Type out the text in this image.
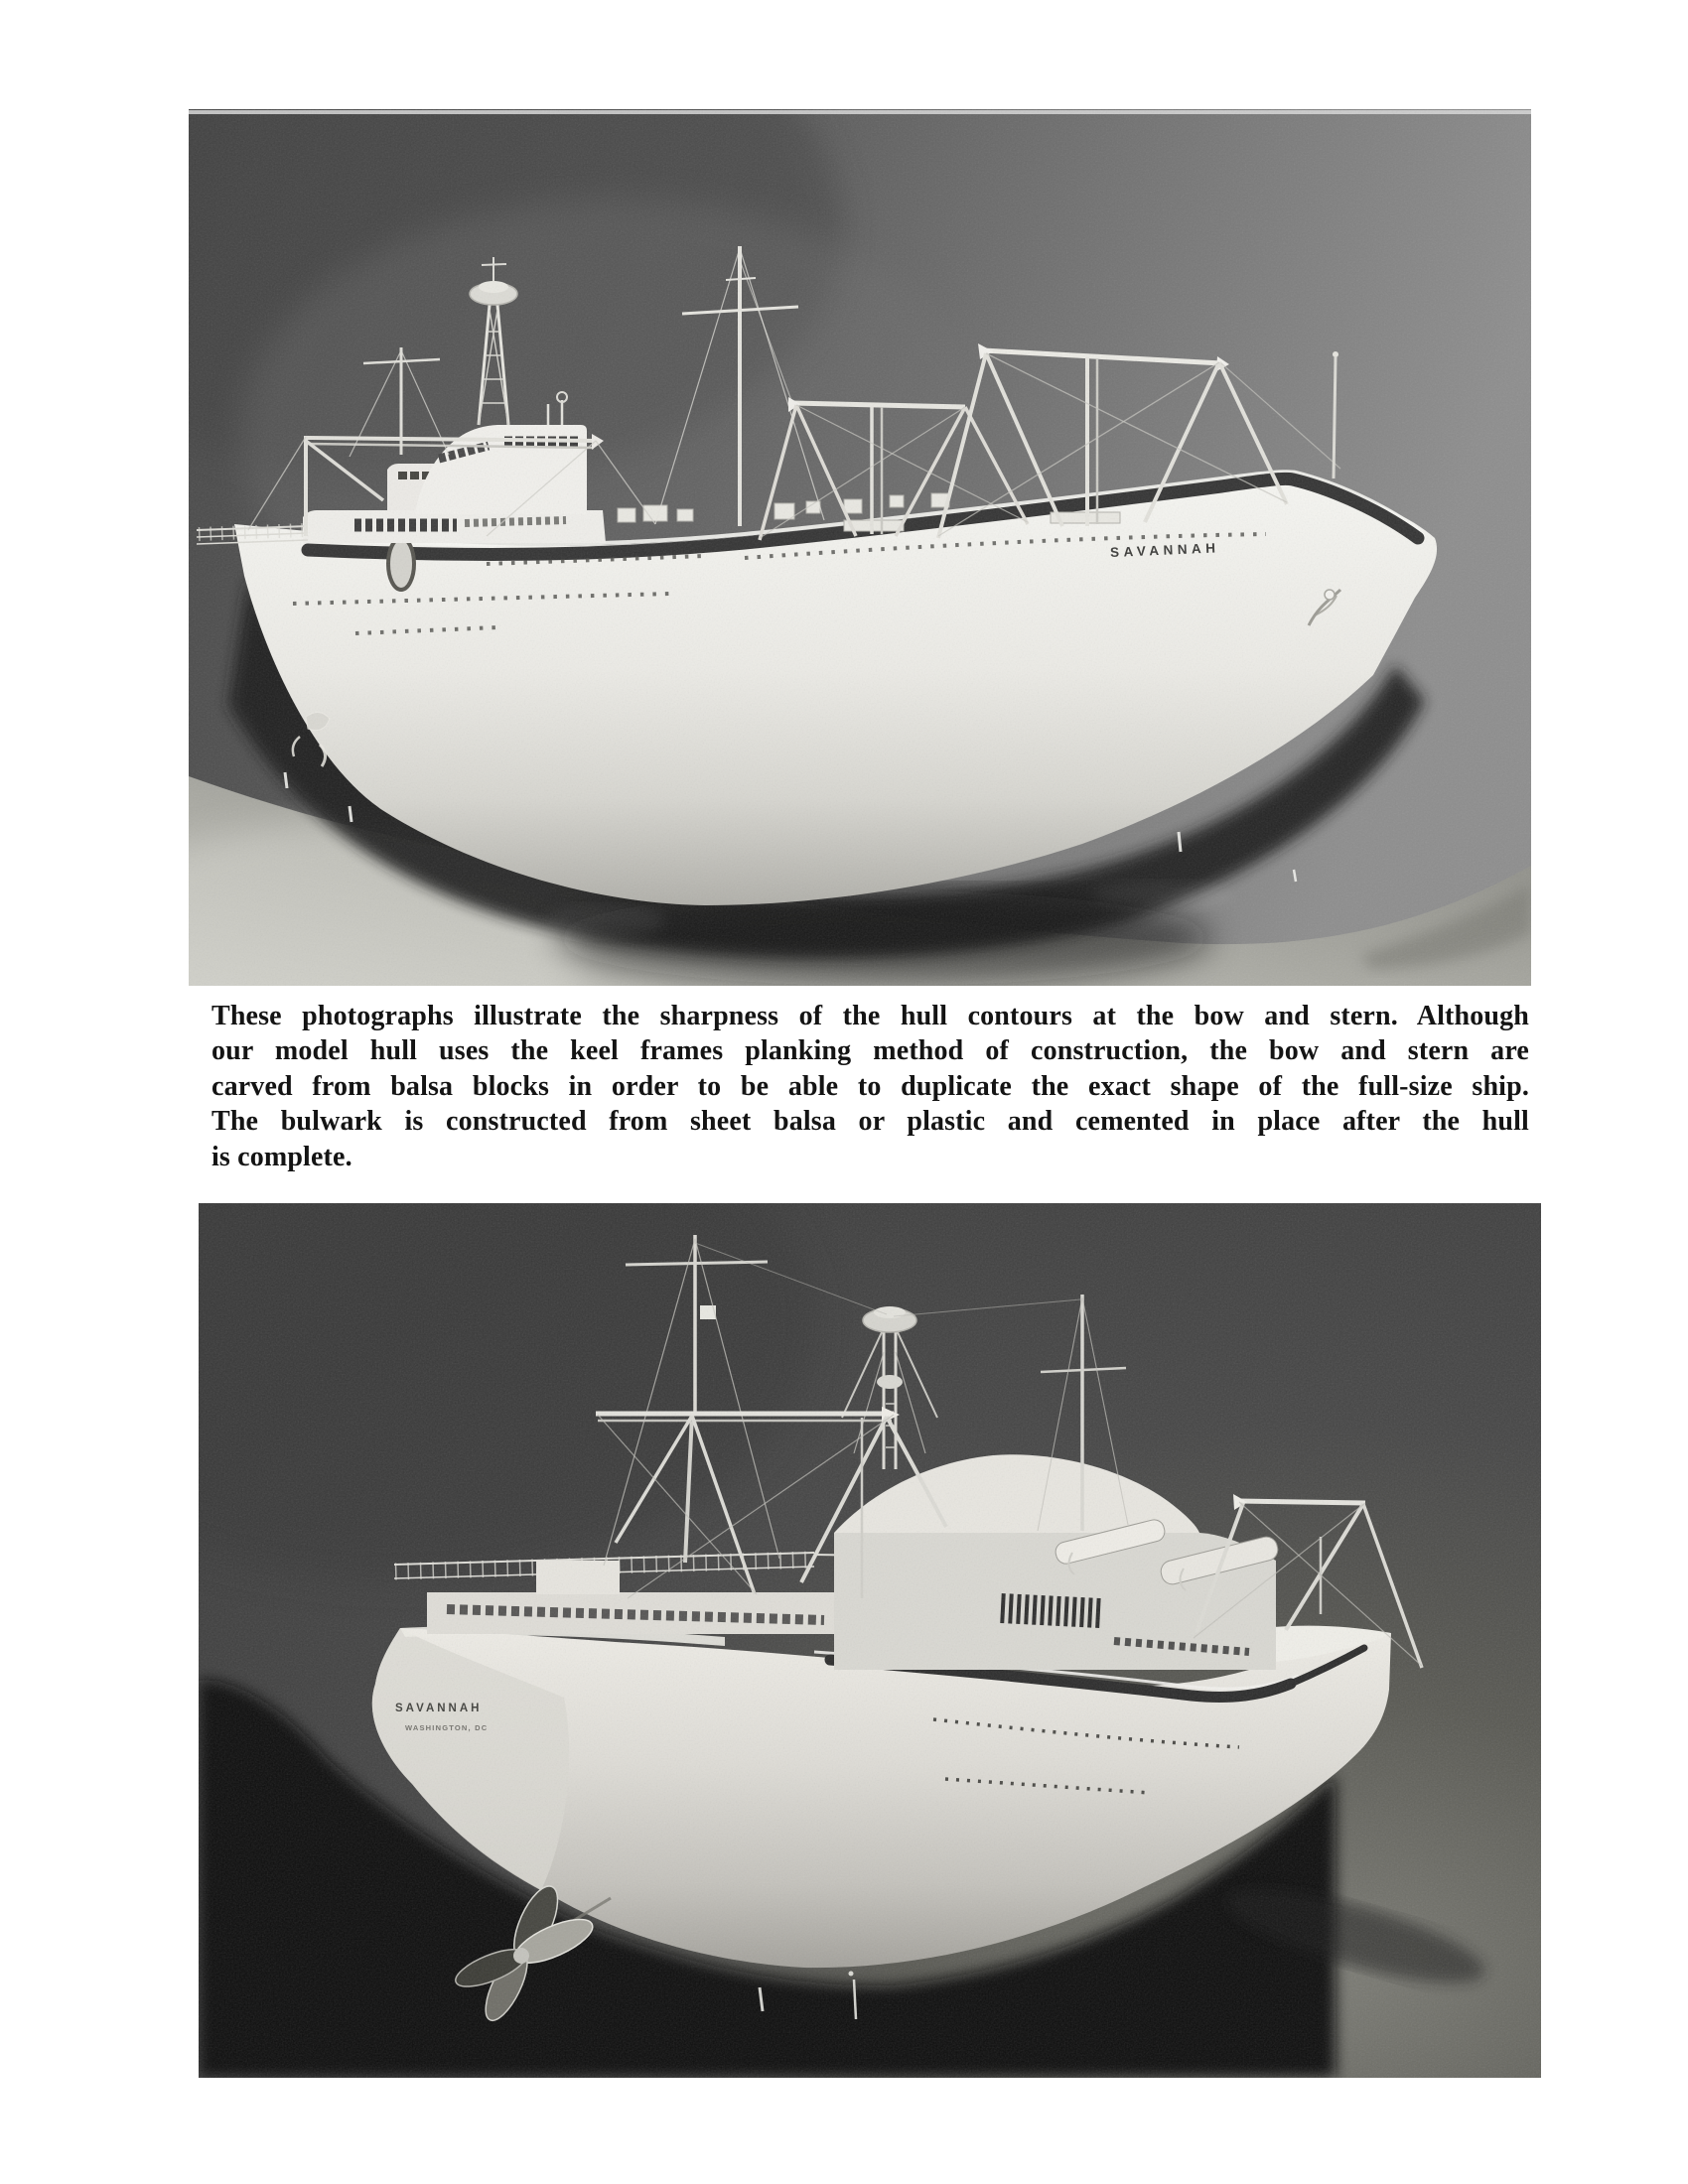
These photographs illustrate the sharpness of the hull contours at the bow and stern. Although

our model hull uses the keel frames planking method of construction, the bow and stern are

carved from balsa blocks in order to be able to duplicate the exact shape of the full-size ship.

The bulwark is constructed from sheet balsa or plastic and cemented in place after the hull

is complete.
